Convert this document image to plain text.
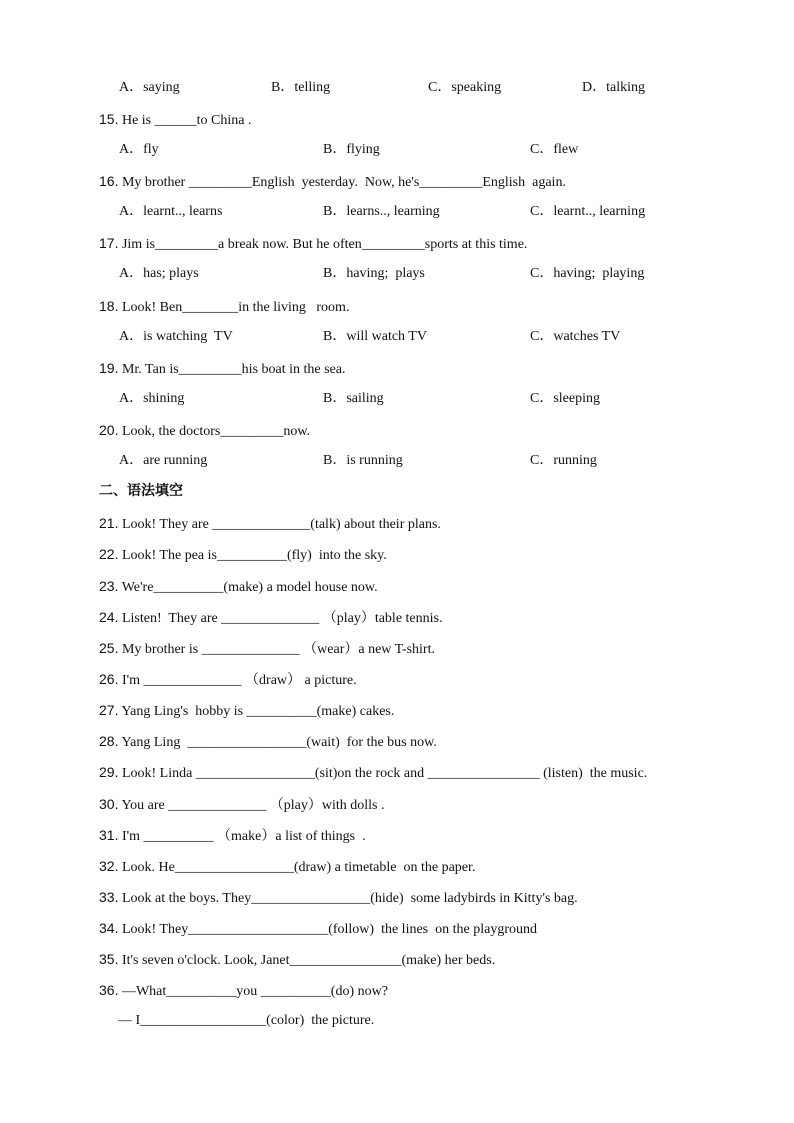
A．saying	B．telling	C．speaking	D．talking
15. He is ______to China .
A．fly	B．flying	C．flew
16. My brother _________English  yesterday.  Now, he's_________English  again.
A．learnt.., learns	B．learns.., learning	C．learnt.., learning
17. Jim is_________a break now. But he often_________sports at this time.
A．has; plays	B．having;  plays	C．having;  playing
18. Look! Ben________in the living   room.
A．is watching  TV	B．will watch TV	C．watches TV
19. Mr. Tan is_________his boat in the sea.
A．shining	B．sailing	C．sleeping
20. Look, the doctors_________now.
A．are running	B．is running	C．running
二、语法填空
21. Look! They are ______________(talk) about their plans.
22. Look! The pea is__________(fly)  into the sky.
23. We're__________(make) a model house now.
24. Listen!  They are ______________ （play）table tennis.
25. My brother is ______________ （wear）a new T-shirt.
26. I'm ______________ （draw） a picture.
27. Yang Ling's  hobby is __________(make) cakes.
28. Yang Ling  _________________(wait)  for the bus now.
29. Look! Linda _________________(sit)on the rock and ________________ (listen)  the music.
30. You are ______________ （play）with dolls .
31. I'm __________ （make）a list of things  .
32. Look. He_________________(draw) a timetable  on the paper.
33. Look at the boys. They_________________(hide)  some ladybirds in Kitty's bag.
34. Look! They____________________(follow)  the lines  on the playground
35. It's seven o'clock. Look, Janet________________(make) her beds.
36. —What__________you __________(do) now?
— I__________________(color)  the picture.
